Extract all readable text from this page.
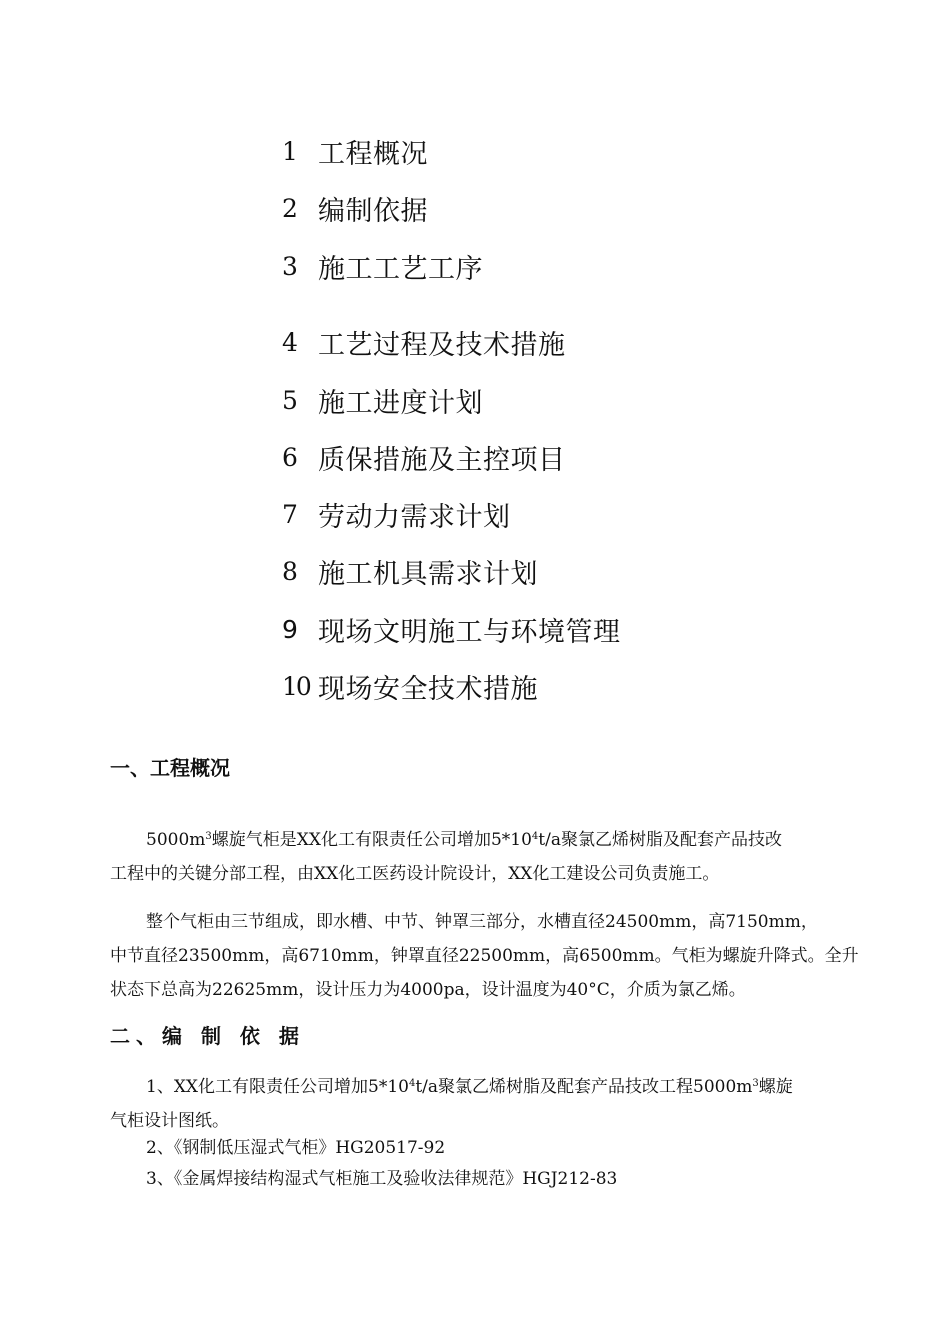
1 工程概况
2 编制依据
3 施工工艺工序
4 工艺过程及技术措施
5 施工进度计划
6 质保措施及主控项目
7 劳动力需求计划
8 施工机具需求计划
9 现场文明施工与环境管理
10 现场安全技术措施
一、工程概况
$5000m^3$螺旋气柜是XX化工有限责任公司增加$5*10^4t/a$聚氯乙烯树脂及配套产品技改
工程中的关键分部工程，由XX化工医药设计院设计，XX化工建设公司负责施工。
整个气柜由三节组成，即水槽、中节、钟罩三部分，水槽直径24500mm，高7150mm，
中节直径23500mm，高6710mm，钟罩直径22500mm，高6500mm。气柜为螺旋升降式。全升
状态下总高为22625mm，设计压力为4000pa，设计温度为40°C，介质为氯乙烯。
二、编 制 依 据
1、XX化工有限责任公司增加$5*10^4t/a$聚氯乙烯树脂及配套产品技改工程$5000m^3$螺旋
气柜设计图纸。
2、《钢制低压湿式气柜》HG20517-92
3、《金属焊接结构湿式气柜施工及验收法律规范》HGJ212-83
